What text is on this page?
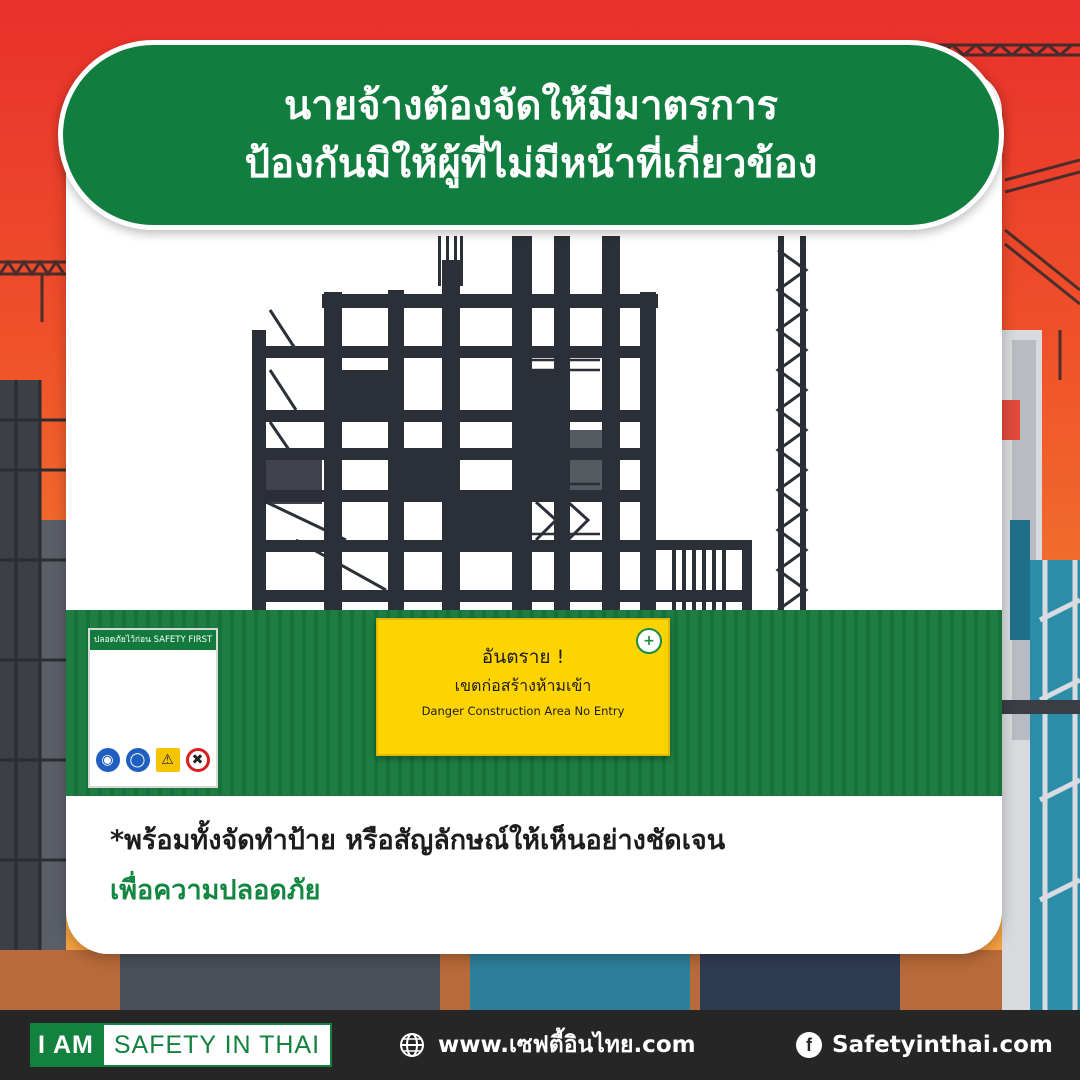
ปลอดภัยไว้ก่อน SAFETY FIRST
◉	◯	⚠	✖
+
อันตราย !
เขตก่อสร้างห้ามเข้า
Danger Construction Area No Entry
*พร้อมทั้งจัดทำป้าย หรือสัญลักษณ์ให้เห็นอย่างชัดเจน
เพื่อความปลอดภัย
นายจ้างต้องจัดให้มีมาตรการ
ป้องกันมิให้ผู้ที่ไม่มีหน้าที่เกี่ยวข้อง
I AM SAFETY IN THAI	www.เซฟตี้อินไทย.com	f Safetyinthai.com
